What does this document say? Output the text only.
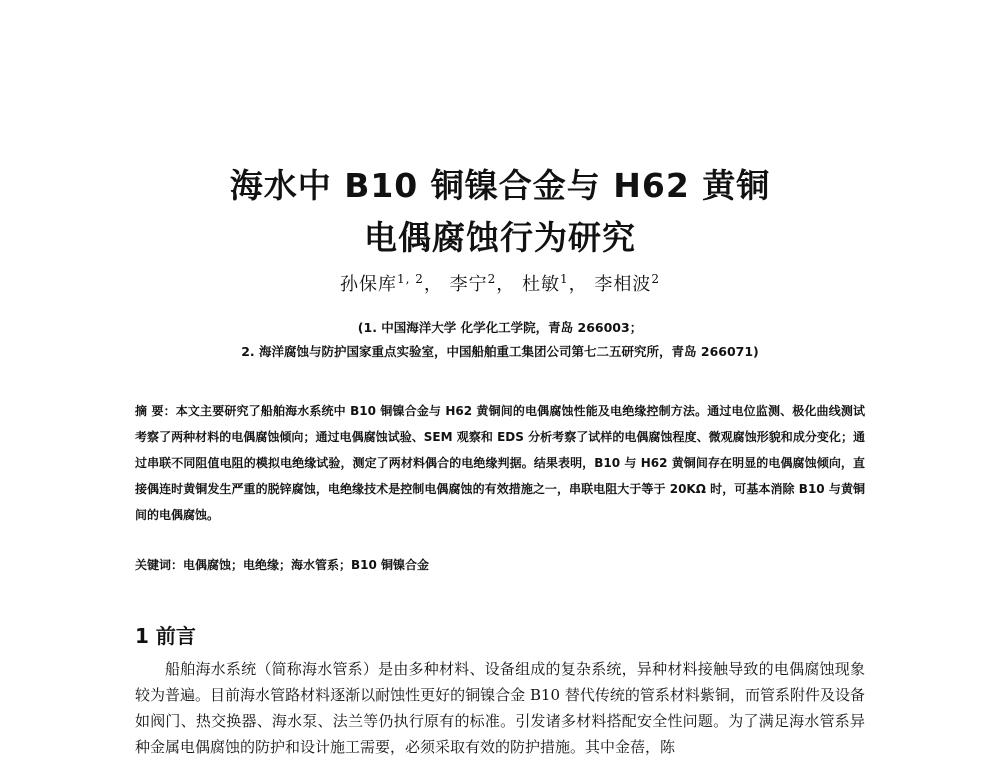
海水中 B10 铜镍合金与 H62 黄铜
电偶腐蚀行为研究
孙保库$^{1, 2}$， 李宁$^2$， 杜敏$^1$， 李相波$^2$
(1. 中国海洋大学 化学化工学院，青岛 266003；
2. 海洋腐蚀与防护国家重点实验室，中国船舶重工集团公司第七二五研究所，青岛 266071)

摘 要：本文主要研究了船舶海水系统中 B10 铜镍合金与 H62 黄铜间的电偶腐蚀性能及电绝缘控制方法。通过电位监测、极化曲线测试考察了两种材料的电偶腐蚀倾向；通过电偶腐蚀试验、SEM 观察和 EDS 分析考察了试样的电偶腐蚀程度、微观腐蚀形貌和成分变化；通过串联不同阻值电阻的模拟电绝缘试验，测定了两材料偶合的电绝缘判据。结果表明，B10 与 H62 黄铜间存在明显的电偶腐蚀倾向，直接偶连时黄铜发生严重的脱锌腐蚀，电绝缘技术是控制电偶腐蚀的有效措施之一，串联电阻大于等于 20KΩ 时，可基本消除 B10 与黄铜间的电偶腐蚀。

关键词：电偶腐蚀；电绝缘；海水管系；B10 铜镍合金

1 前言

船舶海水系统（简称海水管系）是由多种材料、设备组成的复杂系统，异种材料接触导致的电偶腐蚀现象较为普遍。目前海水管路材料逐渐以耐蚀性更好的铜镍合金 B10 替代传统的管系材料紫铜，而管系附件及设备如阀门、热交换器、海水泵、法兰等仍执行原有的标准。引发诸多材料搭配安全性问题。为了满足海水管系异种金属电偶腐蚀的防护和设计施工需要，必须采取有效的防护措施。其中金蓓，陈
